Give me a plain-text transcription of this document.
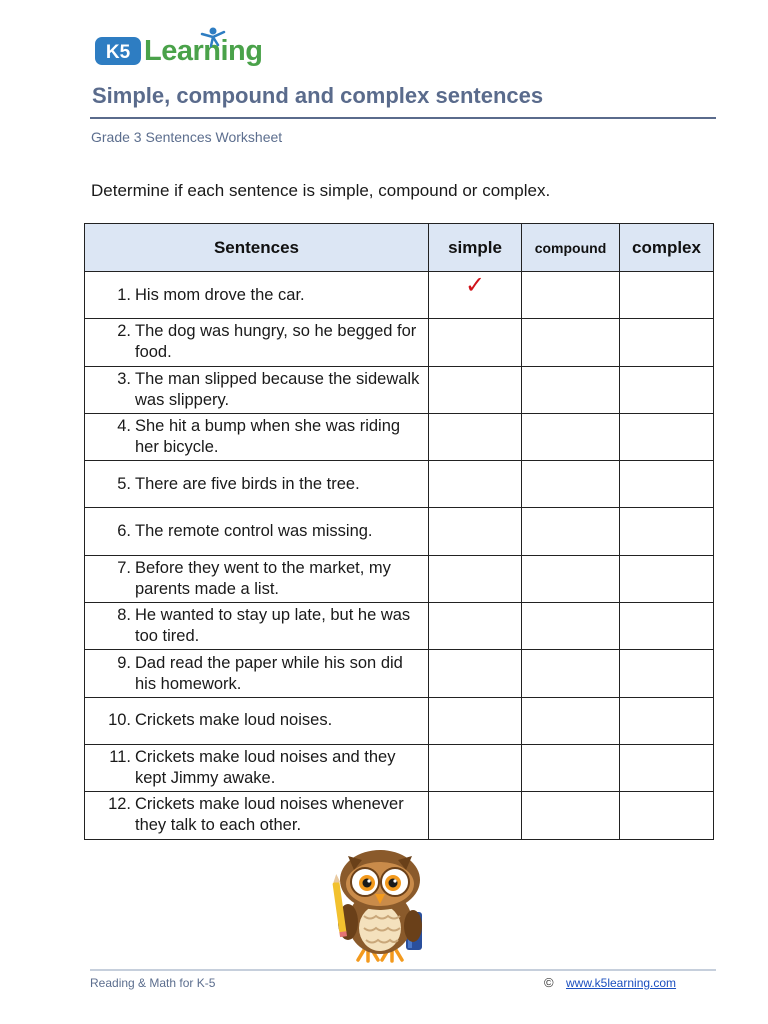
K5 Learning
Simple, compound and complex sentences
Grade 3 Sentences Worksheet
Determine if each sentence is simple, compound or complex.
Sentences	simple	compound	complex

1. His mom drove the car.	✓		

2. The dog was hungry, so he begged for food.			

3. The man slipped because the sidewalk was slippery.			

4. She hit a bump when she was riding her bicycle.			

5. There are five birds in the tree.			

6. The remote control was missing.			

7. Before they went to the market, my parents made a list.			

8. He wanted to stay up late, but he was too tired.			

9. Dad read the paper while his son did his homework.			

10. Crickets make loud noises.			

11. Crickets make loud noises and they kept Jimmy awake.			

12. Crickets make loud noises whenever they talk to each other.			

Reading & Math for K-5	© www.k5learning.com
